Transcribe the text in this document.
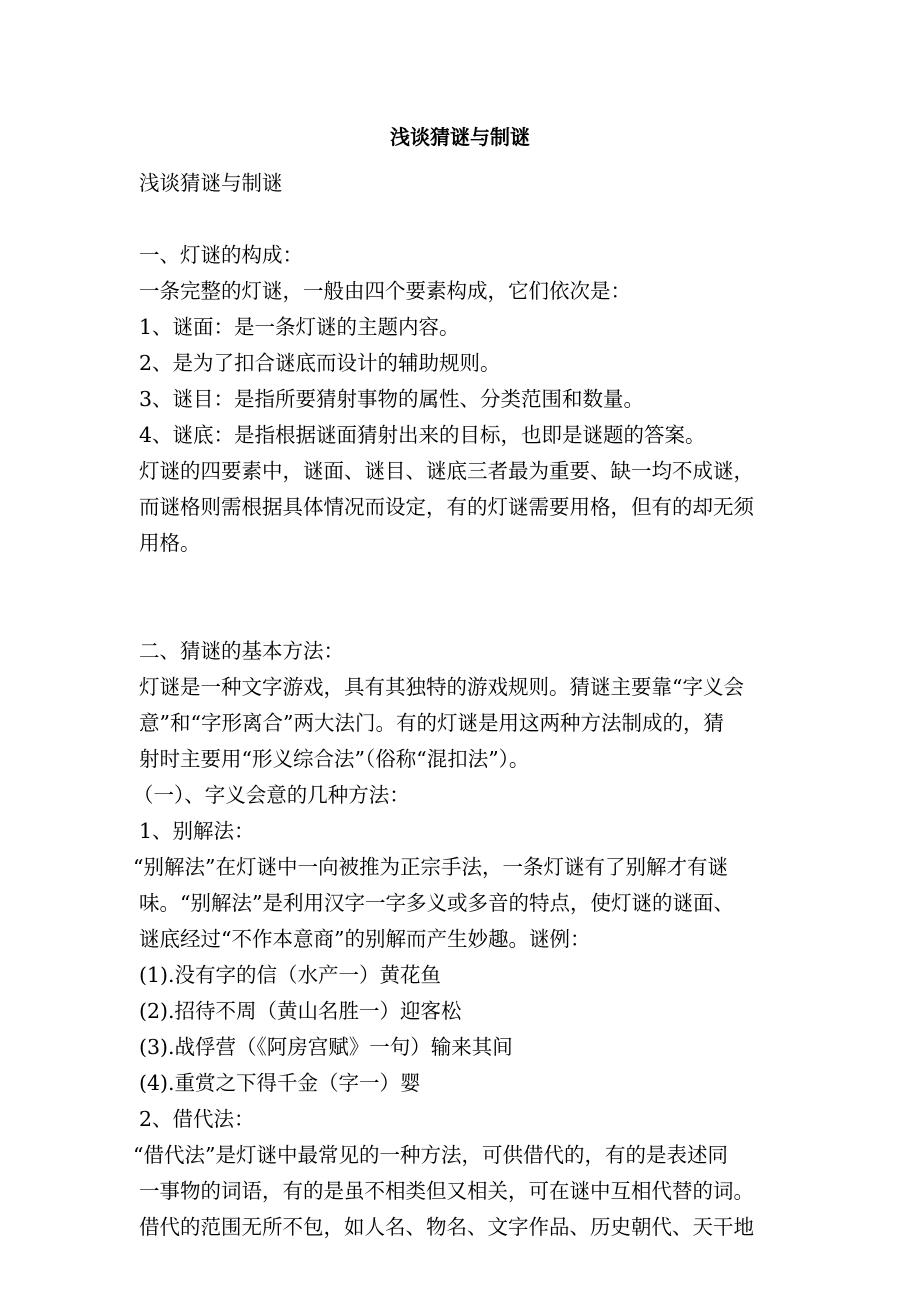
浅谈猜谜与制谜
浅谈猜谜与制谜
一、灯谜的构成：
一条完整的灯谜，一般由四个要素构成，它们依次是：
1、谜面：是一条灯谜的主题内容。
2、是为了扣合谜底而设计的辅助规则。
3、谜目：是指所要猜射事物的属性、分类范围和数量。
4、谜底：是指根据谜面猜射出来的目标，也即是谜题的答案。
灯谜的四要素中，谜面、谜目、谜底三者最为重要、缺一均不成谜，
而谜格则需根据具体情况而设定，有的灯谜需要用格，但有的却无须
用格。
二、猜谜的基本方法：
灯谜是一种文字游戏，具有其独特的游戏规则。猜谜主要靠“字义会
意”和“字形离合”两大法门。有的灯谜是用这两种方法制成的，猜
射时主要用“形义综合法”（俗称“混扣法”）。
（一）、字义会意的几种方法：
1、别解法：
“别解法”在灯谜中一向被推为正宗手法，一条灯谜有了别解才有谜
味。“别解法”是利用汉字一字多义或多音的特点，使灯谜的谜面、
谜底经过“不作本意商”的别解而产生妙趣。谜例：
(1).没有字的信（水产一）黄花鱼
(2).招待不周（黄山名胜一）迎客松
(3).战俘营（《阿房宫赋》一句）输来其间
(4).重赏之下得千金（字一）婴
2、借代法：
“借代法”是灯谜中最常见的一种方法，可供借代的，有的是表述同
一事物的词语，有的是虽不相类但又相关，可在谜中互相代替的词。
借代的范围无所不包，如人名、物名、文字作品、历史朝代、天干地
